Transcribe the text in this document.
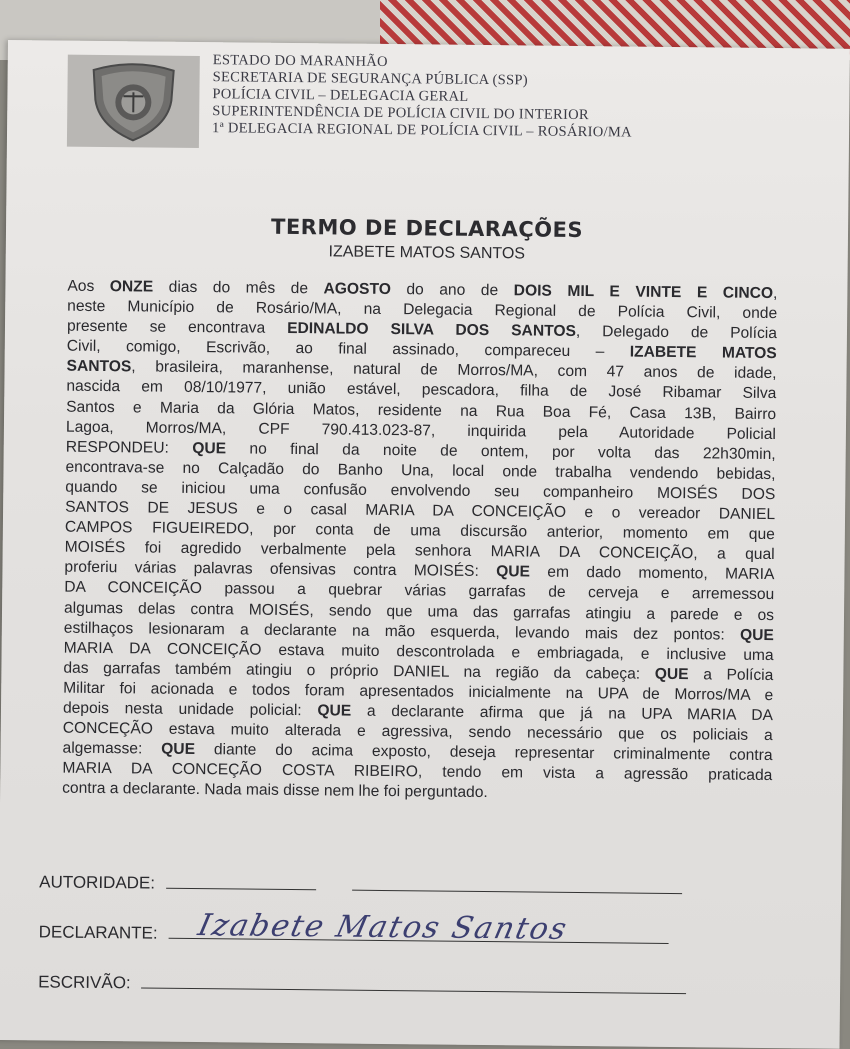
ESTADO DO MARANHÃO
SECRETARIA DE SEGURANÇA PÚBLICA (SSP)
POLÍCIA CIVIL – DELEGACIA GERAL
SUPERINTENDÊNCIA DE POLÍCIA CIVIL DO INTERIOR
1ª DELEGACIA REGIONAL DE POLÍCIA CIVIL – ROSÁRIO/MA
TERMO DE DECLARAÇÕES
IZABETE MATOS SANTOS
Aos ONZE dias do mês de AGOSTO do ano de DOIS MIL E VINTE E CINCO,
neste Município de Rosário/MA, na Delegacia Regional de Polícia Civil, onde
presente se encontrava EDINALDO SILVA DOS SANTOS, Delegado de Polícia
Civil, comigo, Escrivão, ao final assinado, compareceu – IZABETE MATOS
SANTOS, brasileira, maranhense, natural de Morros/MA, com 47 anos de idade,
nascida em 08/10/1977, união estável, pescadora, filha de José Ribamar Silva
Santos e Maria da Glória Matos, residente na Rua Boa Fé, Casa 13B, Bairro
Lagoa, Morros/MA, CPF 790.413.023-87, inquirida pela Autoridade Policial
RESPONDEU: QUE no final da noite de ontem, por volta das 22h30min,
encontrava-se no Calçadão do Banho Una, local onde trabalha vendendo bebidas,
quando se iniciou uma confusão envolvendo seu companheiro MOISÉS DOS
SANTOS DE JESUS e o casal MARIA DA CONCEIÇÃO e o vereador DANIEL
CAMPOS FIGUEIREDO, por conta de uma discursão anterior, momento em que
MOISÉS foi agredido verbalmente pela senhora MARIA DA CONCEIÇÃO, a qual
proferiu várias palavras ofensivas contra MOISÉS: QUE em dado momento, MARIA
DA CONCEIÇÃO passou a quebrar várias garrafas de cerveja e arremessou
algumas delas contra MOISÉS, sendo que uma das garrafas atingiu a parede e os
estilhaços lesionaram a declarante na mão esquerda, levando mais dez pontos: QUE
MARIA DA CONCEIÇÃO estava muito descontrolada e embriagada, e inclusive uma
das garrafas também atingiu o próprio DANIEL na região da cabeça: QUE a Polícia
Militar foi acionada e todos foram apresentados inicialmente na UPA de Morros/MA e
depois nesta unidade policial: QUE a declarante afirma que já na UPA MARIA DA
CONCEÇÃO estava muito alterada e agressiva, sendo necessário que os policiais a
algemasse: QUE diante do acima exposto, deseja representar criminalmente contra
MARIA DA CONCEÇÃO COSTA RIBEIRO, tendo em vista a agressão praticada
contra a declarante. Nada mais disse nem lhe foi perguntado.
AUTORIDADE:
DECLARANTE:	Izabete Matos Santos
ESCRIVÃO:
